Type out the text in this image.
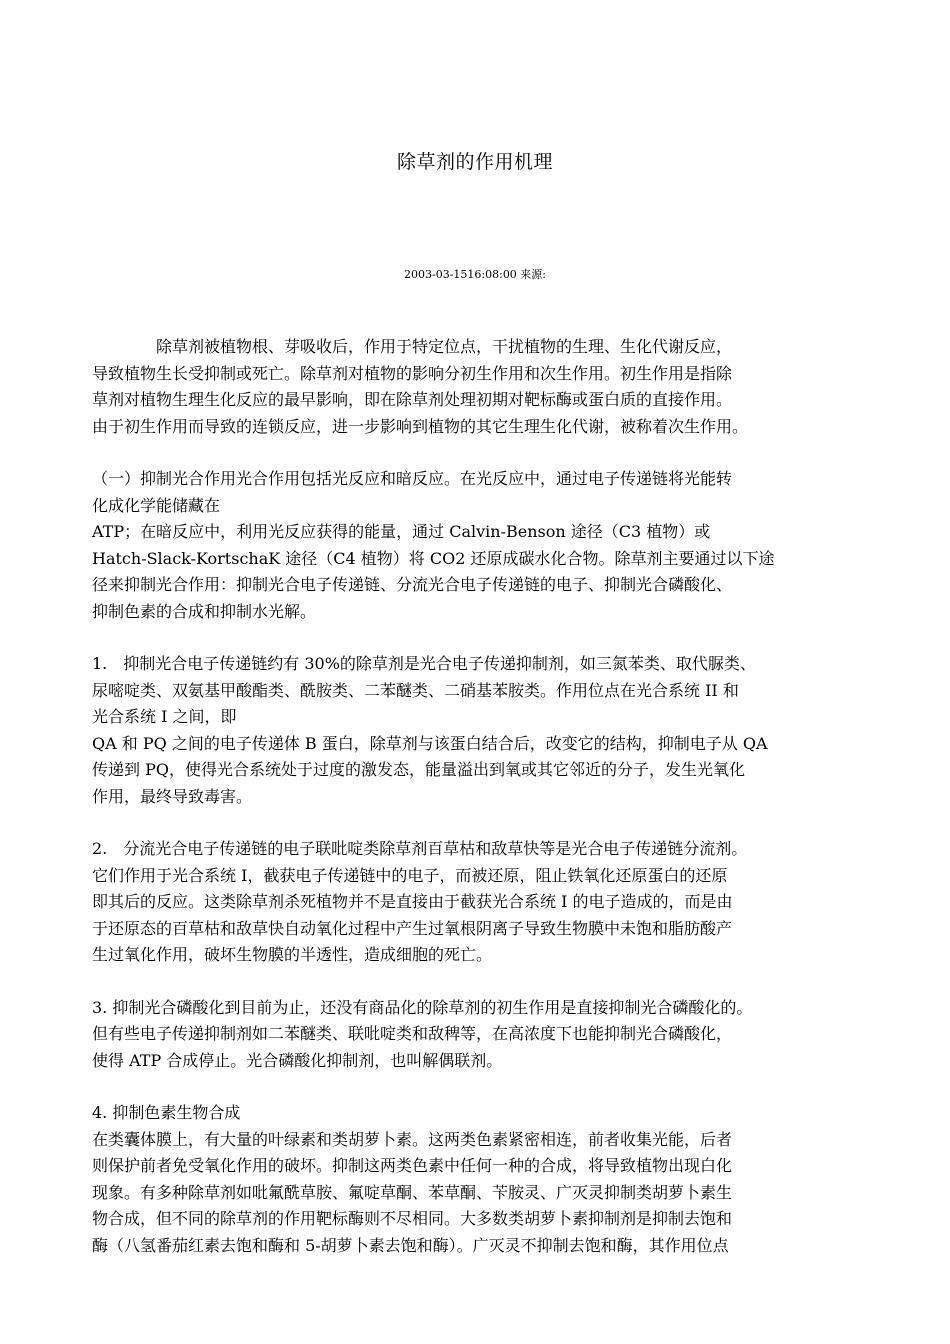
除草剂的作用机理
2003-03-1516:08:00 来源:
　　　　除草剂被植物根、芽吸收后，作用于特定位点，干扰植物的生理、生化代谢反应，
导致植物生长受抑制或死亡。除草剂对植物的影响分初生作用和次生作用。初生作用是指除
草剂对植物生理生化反应的最早影响，即在除草剂处理初期对靶标酶或蛋白质的直接作用。
由于初生作用而导致的连锁反应，进一步影响到植物的其它生理生化代谢，被称着次生作用。
（一）抑制光合作用光合作用包括光反应和暗反应。在光反应中，通过电子传递链将光能转
化成化学能储藏在
ATP；在暗反应中，利用光反应获得的能量，通过 Calvin-Benson 途径（C3 植物）或
Hatch-Slack-KortschaK 途径（C4 植物）将 CO2 还原成碳水化合物。除草剂主要通过以下途
径来抑制光合作用：抑制光合电子传递链、分流光合电子传递链的电子、抑制光合磷酸化、
抑制色素的合成和抑制水光解。
1.　抑制光合电子传递链约有 30%的除草剂是光合电子传递抑制剂，如三氮苯类、取代脲类、
尿嘧啶类、双氨基甲酸酯类、酰胺类、二苯醚类、二硝基苯胺类。作用位点在光合系统 II 和
光合系统 I 之间，即
QA 和 PQ 之间的电子传递体 B 蛋白，除草剂与该蛋白结合后，改变它的结构，抑制电子从 QA
传递到 PQ，使得光合系统处于过度的激发态，能量溢出到氧或其它邻近的分子，发生光氧化
作用，最终导致毒害。
2.　分流光合电子传递链的电子联吡啶类除草剂百草枯和敌草快等是光合电子传递链分流剂。
它们作用于光合系统 I，截获电子传递链中的电子，而被还原，阻止铁氧化还原蛋白的还原
即其后的反应。这类除草剂杀死植物并不是直接由于截获光合系统 I 的电子造成的，而是由
于还原态的百草枯和敌草快自动氧化过程中产生过氧根阴离子导致生物膜中未饱和脂肪酸产
生过氧化作用，破坏生物膜的半透性，造成细胞的死亡。
3. 抑制光合磷酸化到目前为止，还没有商品化的除草剂的初生作用是直接抑制光合磷酸化的。
但有些电子传递抑制剂如二苯醚类、联吡啶类和敌稗等，在高浓度下也能抑制光合磷酸化，
使得 ATP 合成停止。光合磷酸化抑制剂，也叫解偶联剂。
4. 抑制色素生物合成
在类囊体膜上，有大量的叶绿素和类胡萝卜素。这两类色素紧密相连，前者收集光能，后者
则保护前者免受氧化作用的破坏。抑制这两类色素中任何一种的合成，将导致植物出现白化
现象。有多种除草剂如吡氟酰草胺、氟啶草酮、苯草酮、苄胺灵、广灭灵抑制类胡萝卜素生
物合成，但不同的除草剂的作用靶标酶则不尽相同。大多数类胡萝卜素抑制剂是抑制去饱和
酶（八氢番茄红素去饱和酶和 5-胡萝卜素去饱和酶）。广灭灵不抑制去饱和酶，其作用位点
